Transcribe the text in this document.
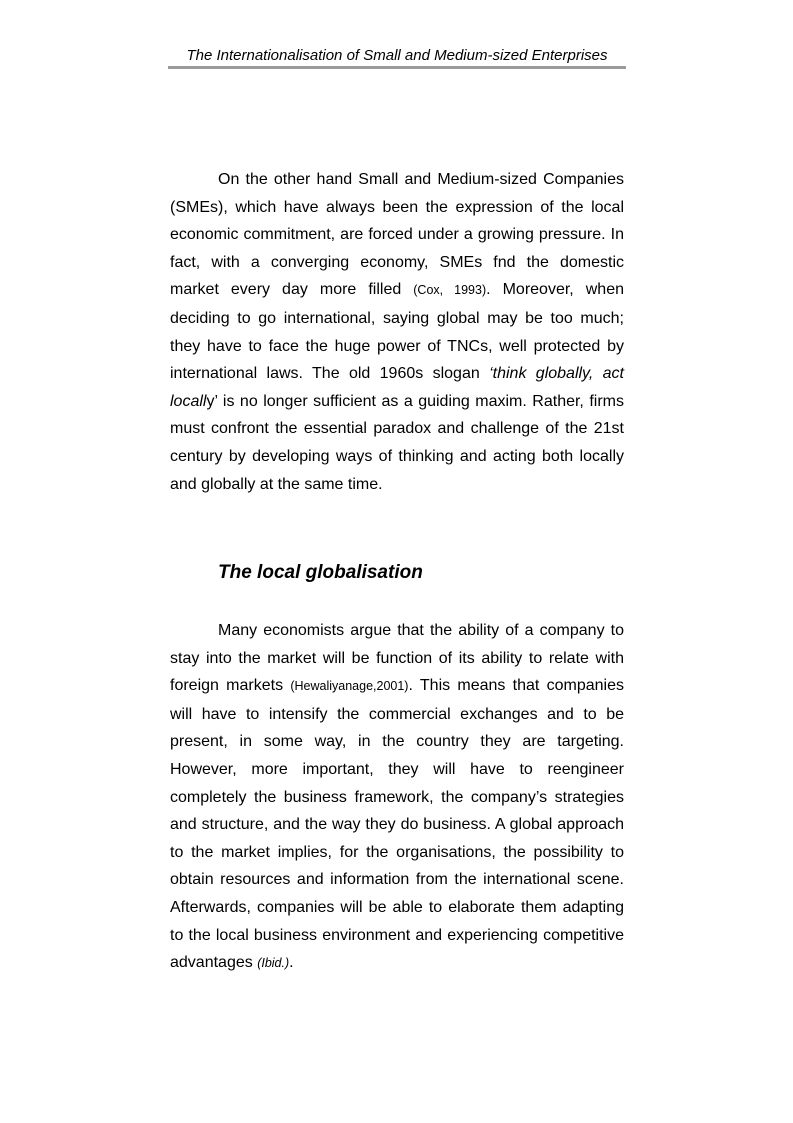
The Internationalisation of Small and Medium-sized Enterprises

On the other hand Small and Medium-sized Companies (SMEs), which have always been the expression of the local economic commitment, are forced under a growing pressure. In fact, with a converging economy, SMEs fnd the domestic market every day more filled (Cox, 1993). Moreover, when deciding to go international, saying global may be too much; they have to face the huge power of TNCs, well protected by international laws. The old 1960s slogan ‘think globally, act locally’ is no longer sufficient as a guiding maxim. Rather, firms must confront the essential paradox and challenge of the 21st century by developing ways of thinking and acting both locally and globally at the same time.

The local globalisation

Many economists argue that the ability of a company to stay into the market will be function of its ability to relate with foreign markets (Hewaliyanage,2001). This means that companies will have to intensify the commercial exchanges and to be present, in some way, in the country they are targeting. However, more important, they will have to reengineer completely the business framework, the company’s strategies and structure, and the way they do business. A global approach to the market implies, for the organisations, the possibility to obtain resources and information from the international scene. Afterwards, companies will be able to elaborate them adapting to the local business environment and experiencing competitive advantages (Ibid.).
